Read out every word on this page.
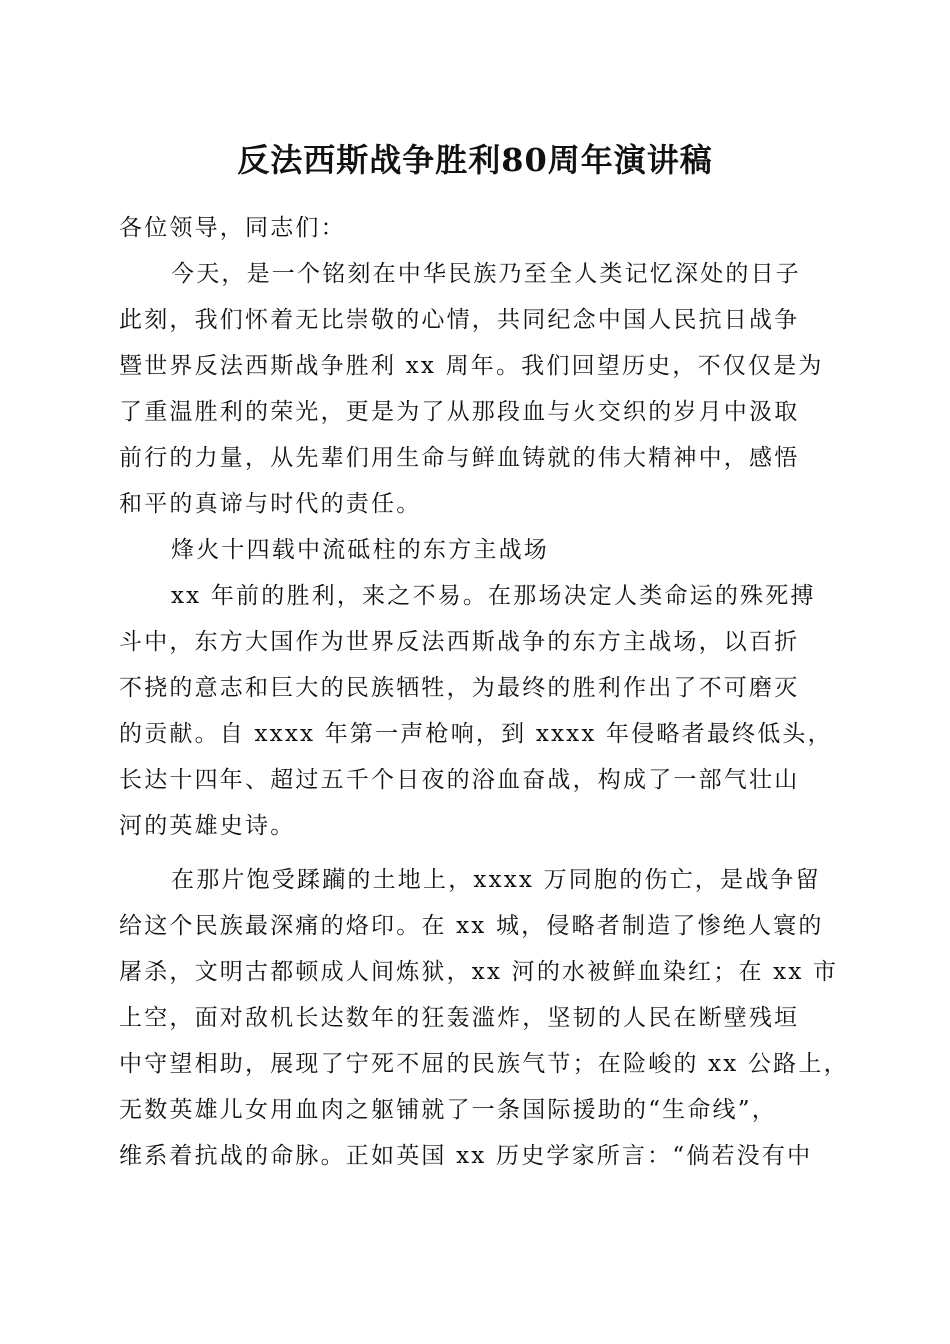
反法西斯战争胜利80周年演讲稿
各位领导，同志们：
今天，是一个铭刻在中华民族乃至全人类记忆深处的日子
此刻，我们怀着无比崇敬的心情，共同纪念中国人民抗日战争
暨世界反法西斯战争胜利 xx 周年。我们回望历史，不仅仅是为
了重温胜利的荣光，更是为了从那段血与火交织的岁月中汲取
前行的力量，从先辈们用生命与鲜血铸就的伟大精神中，感悟
和平的真谛与时代的责任。
烽火十四载中流砥柱的东方主战场
xx 年前的胜利，来之不易。在那场决定人类命运的殊死搏
斗中，东方大国作为世界反法西斯战争的东方主战场，以百折
不挠的意志和巨大的民族牺牲，为最终的胜利作出了不可磨灭
的贡献。自 xxxx 年第一声枪响，到 xxxx 年侵略者最终低头，
长达十四年、超过五千个日夜的浴血奋战，构成了一部气壮山
河的英雄史诗。
在那片饱受蹂躏的土地上，xxxx 万同胞的伤亡，是战争留
给这个民族最深痛的烙印。在 xx 城，侵略者制造了惨绝人寰的
屠杀，文明古都顿成人间炼狱，xx 河的水被鲜血染红；在 xx 市
上空，面对敌机长达数年的狂轰滥炸，坚韧的人民在断壁残垣
中守望相助，展现了宁死不屈的民族气节；在险峻的 xx 公路上，
无数英雄儿女用血肉之躯铺就了一条国际援助的“生命线”，
维系着抗战的命脉。正如英国 xx 历史学家所言：“倘若没有中
